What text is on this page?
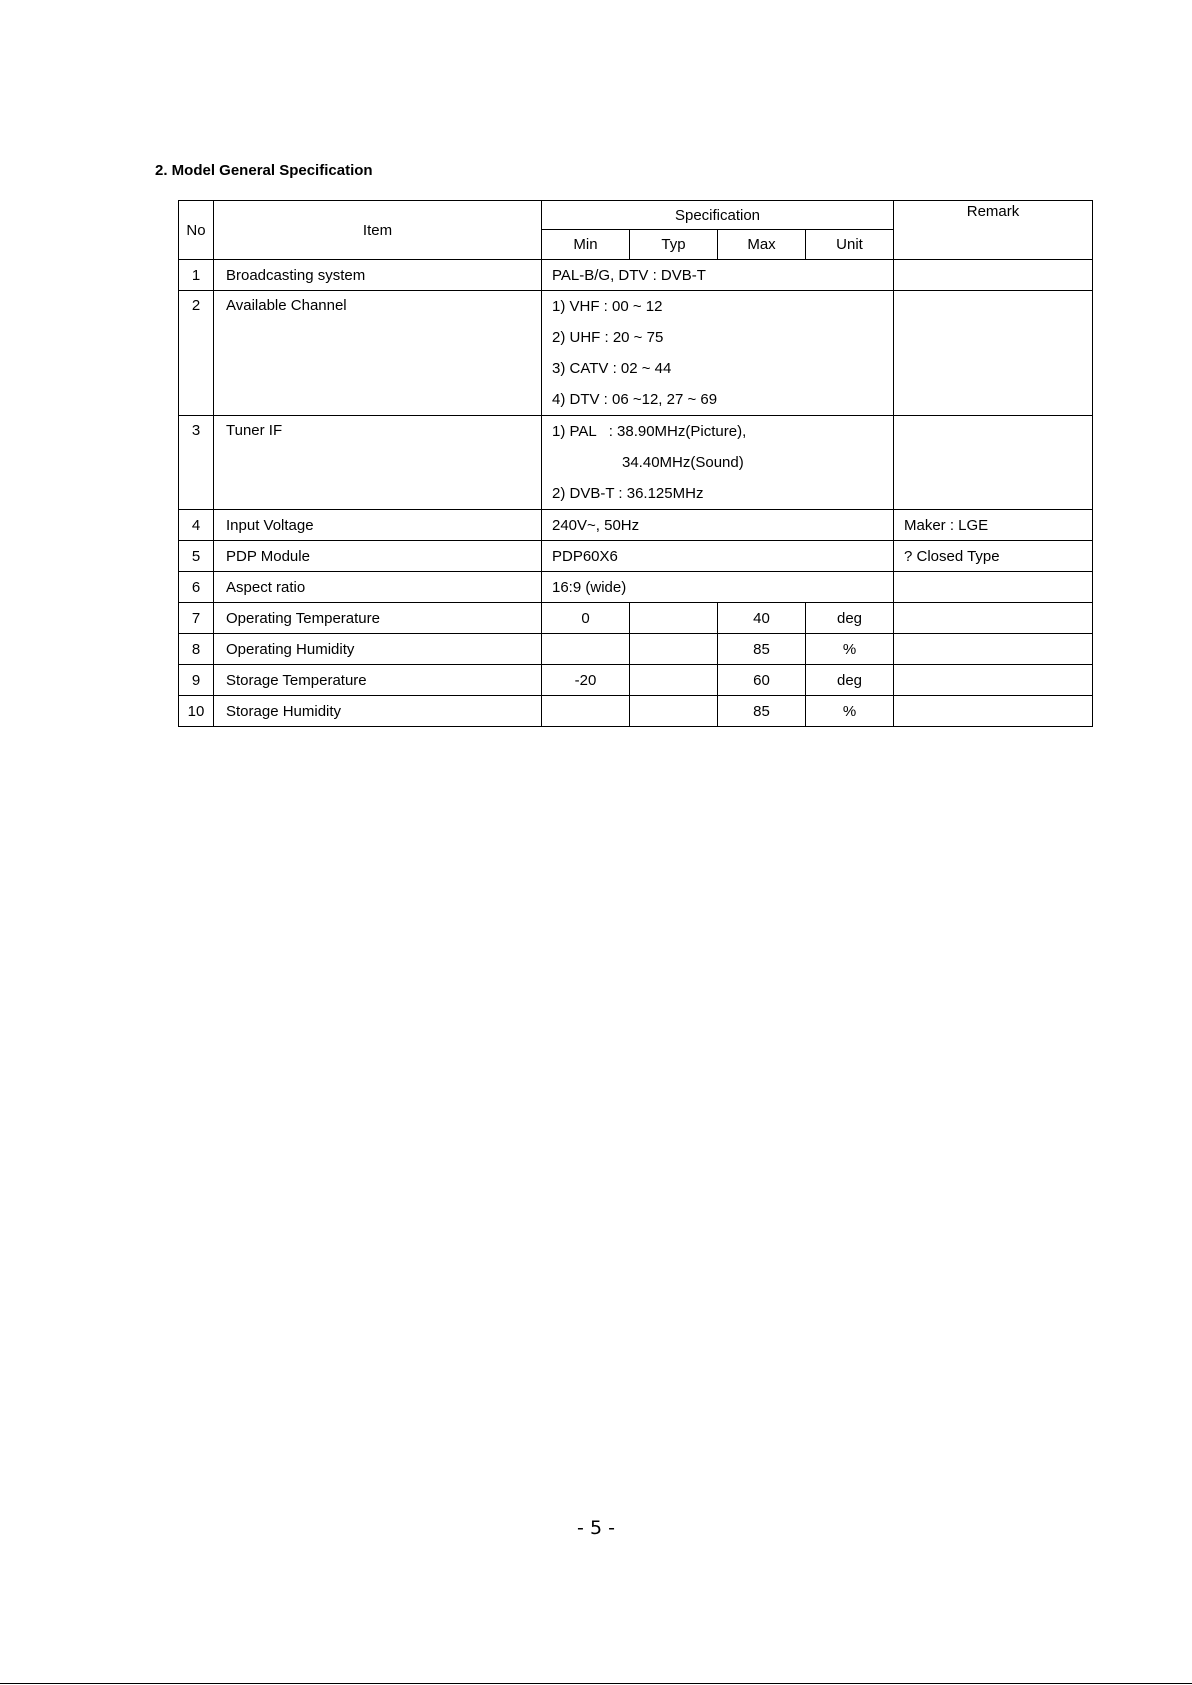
2. Model General Specification
No	Item	Specification				Remark
		Min	Typ	Max	Unit	
1	Broadcasting system	PAL-B/G, DTV : DVB-T				
2	Available Channel	1) VHF : 00 ~ 12
2) UHF : 20 ~ 75
3) CATV : 02 ~ 44
4) DTV : 06 ~12, 27 ~ 69				

3	Tuner IF	1) PAL   : 38.90MHz(Picture),
34.40MHz(Sound)
2) DVB-T : 36.125MHz				

4	Input Voltage	240V~, 50Hz				Maker : LGE
5	PDP Module	PDP60X6				? Closed Type
6	Aspect ratio	16:9 (wide)				
7	Operating Temperature	0		40	deg	
8	Operating Humidity			85	%	
9	Storage Temperature	-20		60	deg	
10	Storage Humidity			85	%	
- 5 -
